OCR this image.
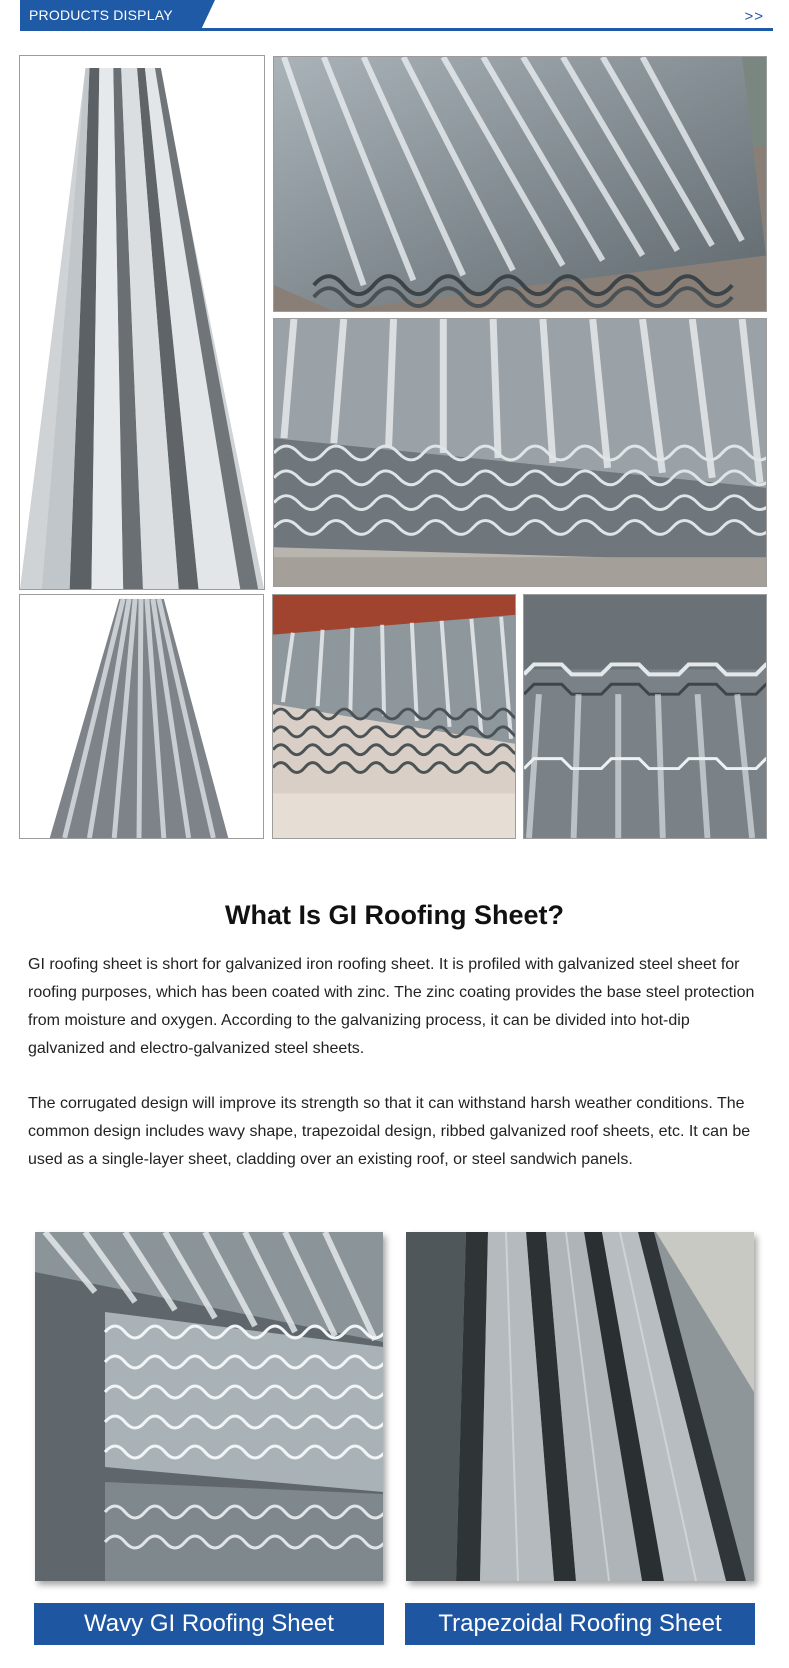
PRODUCTS DISPLAY	>>
What Is GI Roofing Sheet?

GI roofing sheet is short for galvanized iron roofing sheet. It is profiled with galvanized steel sheet for roofing purposes, which has been coated with zinc. The zinc coating provides the base steel protection from moisture and oxygen. According to the galvanizing process, it can be divided into hot-dip galvanized and electro-galvanized steel sheets.

The corrugated design will improve its strength so that it can withstand harsh weather conditions. The common design includes wavy shape, trapezoidal design, ribbed galvanized roof sheets, etc. It can be used as a single-layer sheet, cladding over an existing roof, or steel sandwich panels.

Wavy GI Roofing Sheet	Trapezoidal Roofing Sheet
